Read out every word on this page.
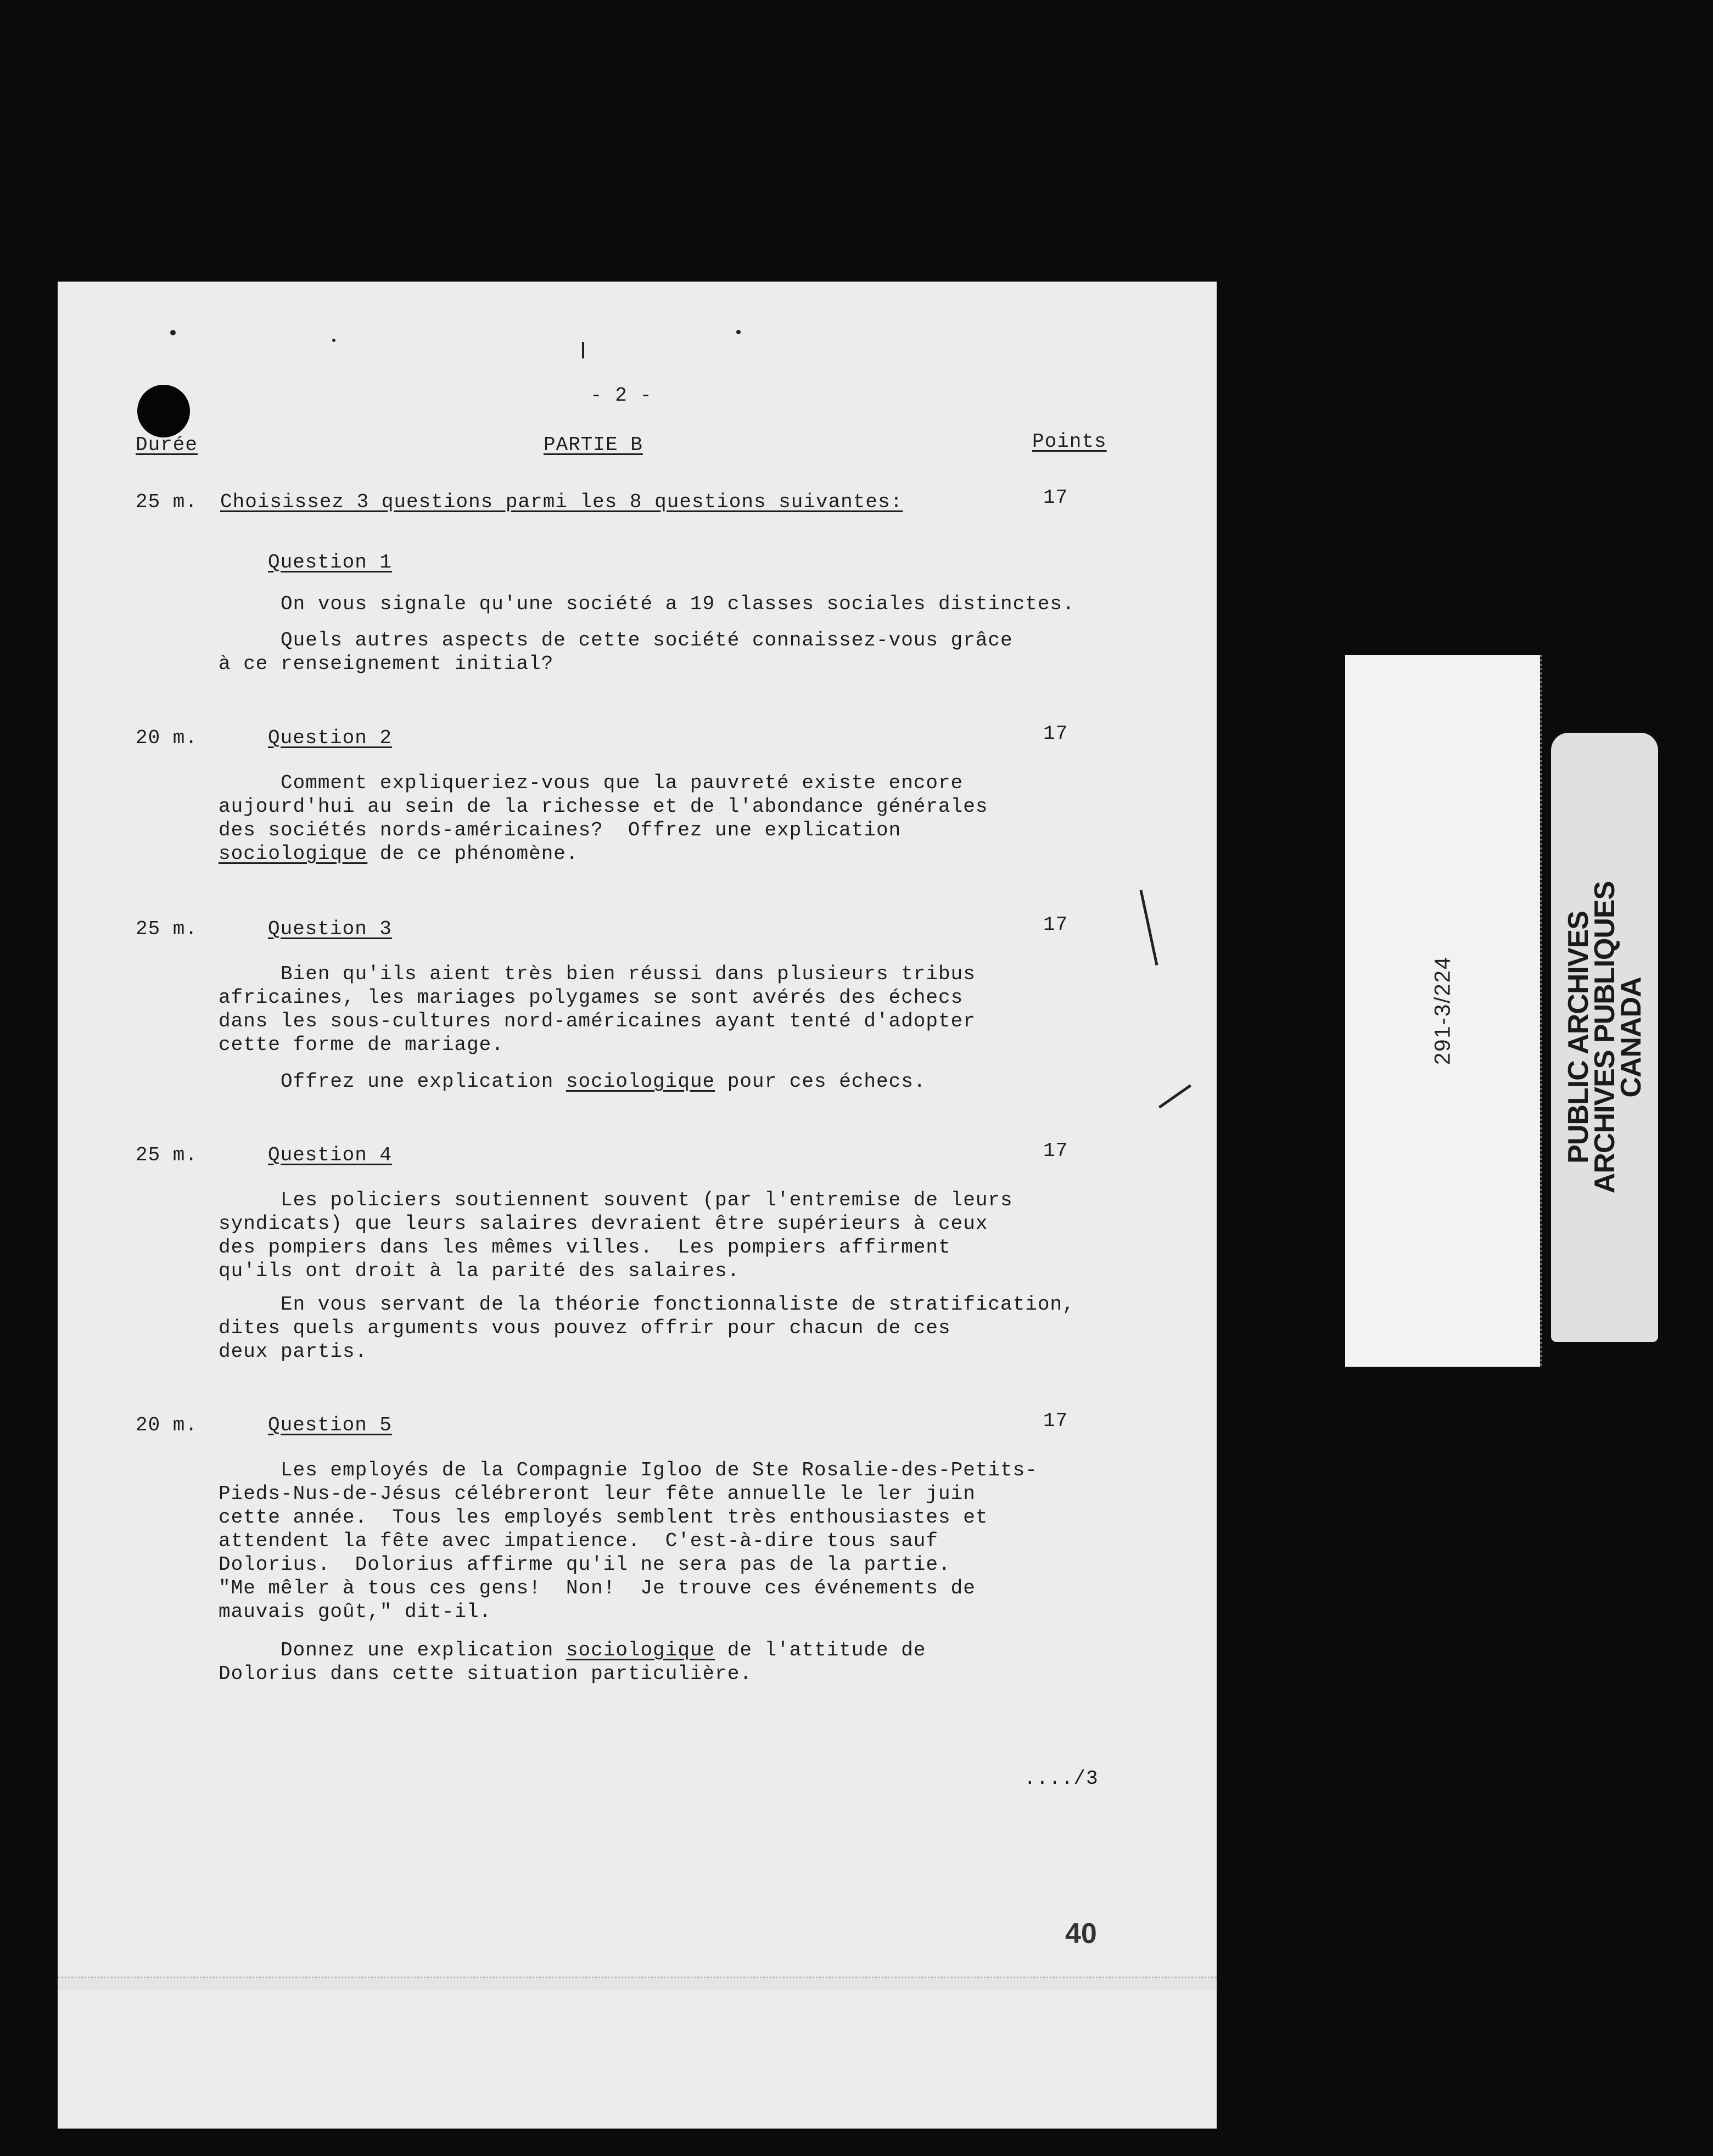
- 2 -
Durée	PARTIE B	Points
25 m. Choisissez 3 questions parmi les 8 questions suivantes:	17
Question 1
On vous signale qu'une société a 19 classes sociales distinctes.
Quels autres aspects de cette société connaissez-vous grâce
à ce renseignement initial?
20 m.	Question 2	17
Comment expliqueriez-vous que la pauvreté existe encore
aujourd'hui au sein de la richesse et de l'abondance générales
des sociétés nords-américaines?  Offrez une explication
sociologique de ce phénomène.
25 m.	Question 3	17
Bien qu'ils aient très bien réussi dans plusieurs tribus
africaines, les mariages polygames se sont avérés des échecs
dans les sous-cultures nord-américaines ayant tenté d'adopter
cette forme de mariage.
Offrez une explication sociologique pour ces échecs.
25 m.	Question 4	17
Les policiers soutiennent souvent (par l'entremise de leurs
syndicats) que leurs salaires devraient être supérieurs à ceux
des pompiers dans les mêmes villes.  Les pompiers affirment
qu'ils ont droit à la parité des salaires.
En vous servant de la théorie fonctionnaliste de stratification,
dites quels arguments vous pouvez offrir pour chacun de ces
deux partis.
20 m.	Question 5	17
Les employés de la Compagnie Igloo de Ste Rosalie-des-Petits-
Pieds-Nus-de-Jésus célébreront leur fête annuelle le ler juin
cette année.  Tous les employés semblent très enthousiastes et
attendent la fête avec impatience.  C'est-à-dire tous sauf
Dolorius.  Dolorius affirme qu'il ne sera pas de la partie.
"Me mêler à tous ces gens!  Non!  Je trouve ces événements de
mauvais goût," dit-il.
Donnez une explication sociologique de l'attitude de
Dolorius dans cette situation particulière.
..../3
40
291-3/224	PUBLIC ARCHIVES
ARCHIVES PUBLIQUES
CANADA
